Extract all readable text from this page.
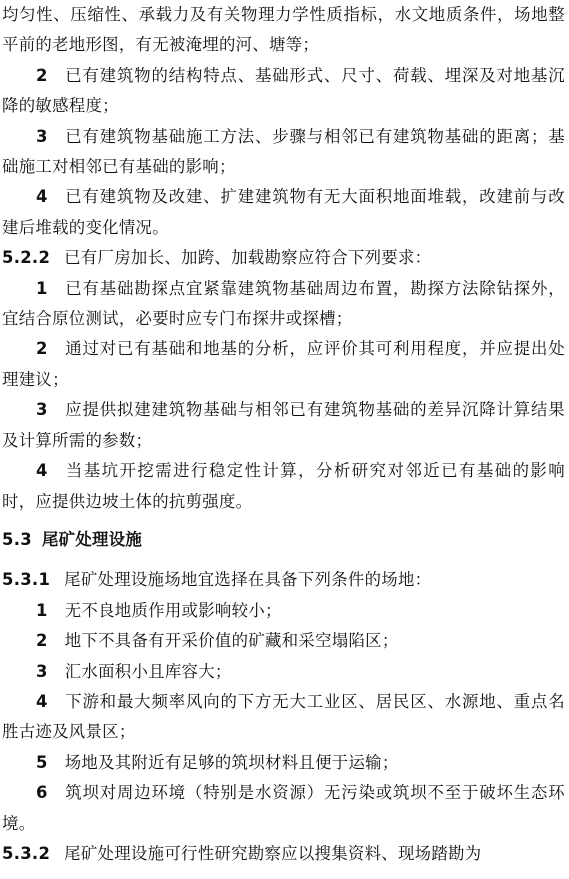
均匀性、压缩性、承载力及有关物理力学性质指标，水文地质条件，场地整平前的老地形图，有无被淹埋的河、塘等；

2   已有建筑物的结构特点、基础形式、尺寸、荷载、埋深及对地基沉降的敏感程度；

3   已有建筑物基础施工方法、步骤与相邻已有建筑物基础的距离；基础施工对相邻已有基础的影响；

4   已有建筑物及改建、扩建建筑物有无大面积地面堆载，改建前与改建后堆载的变化情况。

5.2.2 已有厂房加长、加跨、加载勘察应符合下列要求：

1   已有基础勘探点宜紧靠建筑物基础周边布置，勘探方法除钻探外，宜结合原位测试，必要时应专门布探井或探槽；

2   通过对已有基础和地基的分析，应评价其可利用程度，并应提出处理建议；

3   应提供拟建建筑物基础与相邻已有建筑物基础的差异沉降计算结果及计算所需的参数；

4   当基坑开挖需进行稳定性计算，分析研究对邻近已有基础的影响时，应提供边坡土体的抗剪强度。

5.3 尾矿处理设施

5.3.1 尾矿处理设施场地宜选择在具备下列条件的场地：

1   无不良地质作用或影响较小；

2   地下不具备有开采价值的矿藏和采空塌陷区；

3   汇水面积小且库容大；

4   下游和最大频率风向的下方无大工业区、居民区、水源地、重点名胜古迹及风景区；

5   场地及其附近有足够的筑坝材料且便于运输；

6   筑坝对周边环境（特别是水资源）无污染或筑坝不至于破坏生态环境。

5.3.2 尾矿处理设施可行性研究勘察应以搜集资料、现场踏勘为
